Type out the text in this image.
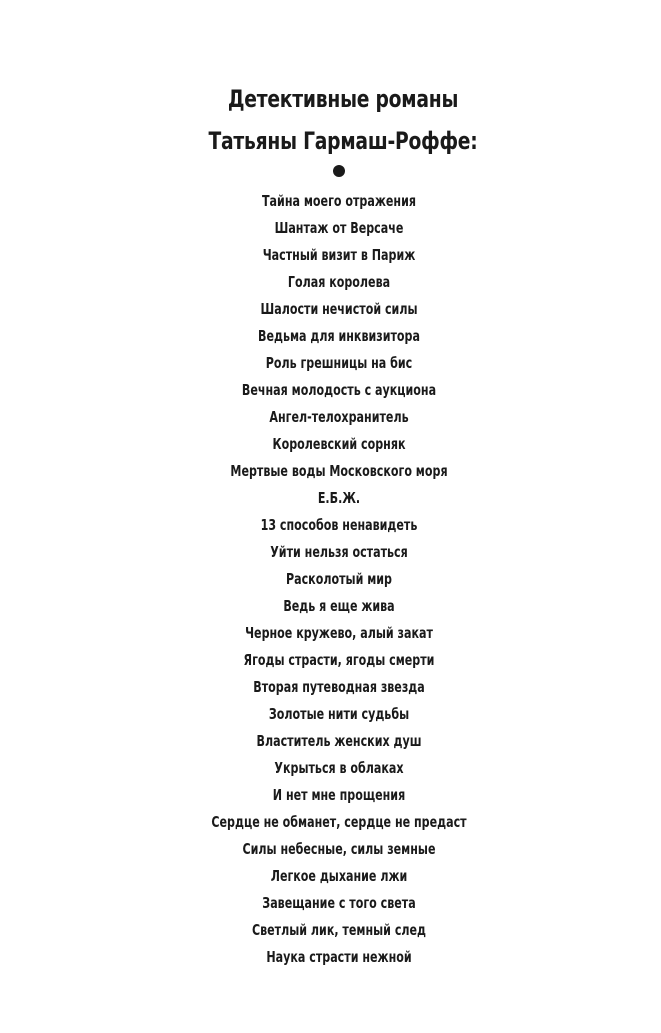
Детективные романы
Татьяны Гармаш-Роффе:
Тайна моего отражения
Шантаж от Версаче
Частный визит в Париж
Голая королева
Шалости нечистой силы
Ведьма для инквизитора
Роль грешницы на бис
Вечная молодость с аукциона
Ангел-телохранитель
Королевский сорняк
Мертвые воды Московского моря
Е.Б.Ж.
13 способов ненавидеть
Уйти нельзя остаться
Расколотый мир
Ведь я еще жива
Черное кружево, алый закат
Ягоды страсти, ягоды смерти
Вторая путеводная звезда
Золотые нити судьбы
Властитель женских душ
Укрыться в облаках
И нет мне прощения
Сердце не обманет, сердце не предаст
Силы небесные, силы земные
Легкое дыхание лжи
Завещание с того света
Светлый лик, темный след
Наука страсти нежной
